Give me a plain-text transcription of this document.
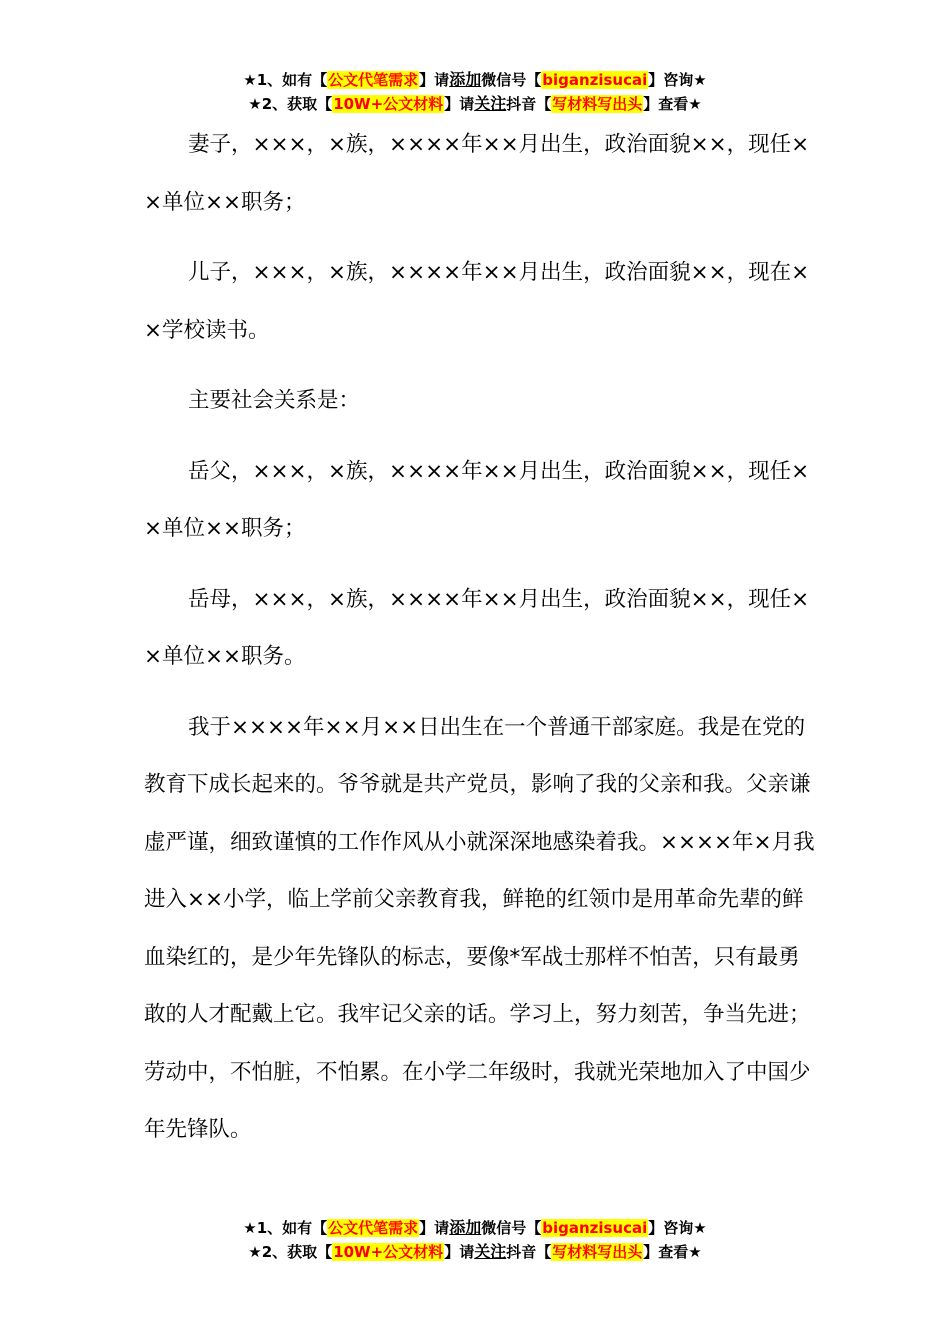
★1、如有【公文代笔需求】请添加微信号【biganzisucai】咨询★
★2、获取【10W+公文材料】请关注抖音【写材料写出头】查看★

妻子，×××，×族，××××年××月出生，政治面貌××，现任××单位××职务；

儿子，×××，×族，××××年××月出生，政治面貌××，现在××学校读书。

主要社会关系是：

岳父，×××，×族，××××年××月出生，政治面貌××，现任××单位××职务；

岳母，×××，×族，××××年××月出生，政治面貌××，现任××单位××职务。

我于××××年××月××日出生在一个普通干部家庭。我是在党的教育下成长起来的。爷爷就是共产党员，影响了我的父亲和我。父亲谦虚严谨，细致谨慎的工作作风从小就深深地感染着我。××××年×月我进入××小学，临上学前父亲教育我，鲜艳的红领巾是用革命先辈的鲜血染红的，是少年先锋队的标志，要像*军战士那样不怕苦，只有最勇敢的人才配戴上它。我牢记父亲的话。学习上，努力刻苦，争当先进；劳动中，不怕脏，不怕累。在小学二年级时，我就光荣地加入了中国少年先锋队。

★1、如有【公文代笔需求】请添加微信号【biganzisucai】咨询★
★2、获取【10W+公文材料】请关注抖音【写材料写出头】查看★
